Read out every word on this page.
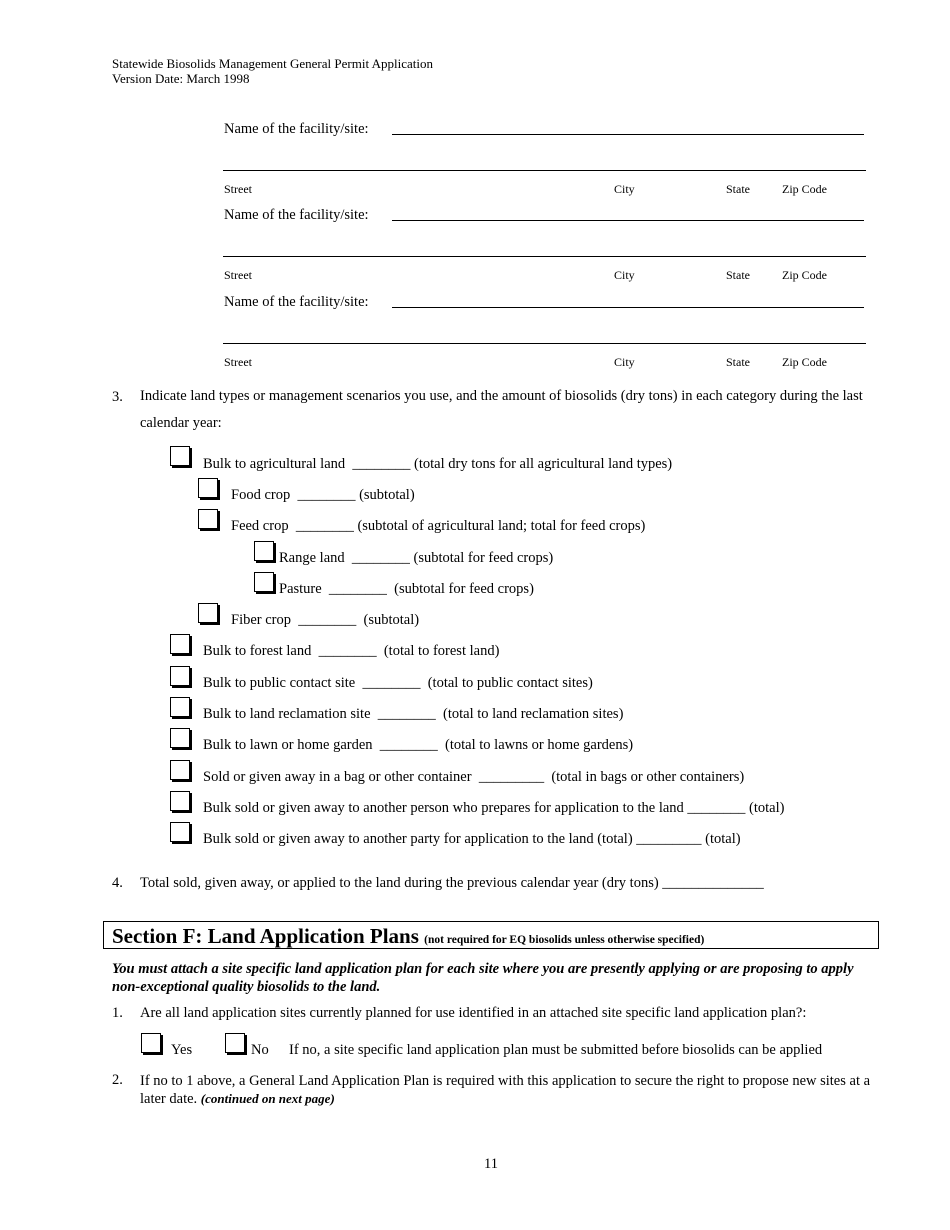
Statewide Biosolids Management General Permit Application
Version Date: March 1998
Name of the facility/site:
Street	City	State	Zip Code
Name of the facility/site:
Street	City	State	Zip Code
Name of the facility/site:
Street	City	State	Zip Code
3. Indicate land types or management scenarios you use, and the amount of biosolids (dry tons) in each category during the last calendar year:
Bulk to agricultural land  ________ (total dry tons for all agricultural land types)
Food crop  ________ (subtotal)
Feed crop  ________ (subtotal of agricultural land; total for feed crops)
Range land  ________ (subtotal for feed crops)
Pasture  ________  (subtotal for feed crops)
Fiber crop  ________  (subtotal)
Bulk to forest land  ________  (total to forest land)
Bulk to public contact site  ________  (total to public contact sites)
Bulk to land reclamation site  ________  (total to land reclamation sites)
Bulk to lawn or home garden  ________  (total to lawns or home gardens)
Sold or given away in a bag or other container  _________  (total in bags or other containers)
Bulk sold or given away to another person who prepares for application to the land ________ (total)
Bulk sold or given away to another party for application to the land (total) _________ (total)
4. Total sold, given away, or applied to the land during the previous calendar year (dry tons) ______________
Section F: Land Application Plans (not required for EQ biosolids unless otherwise specified)
You must attach a site specific land application plan for each site where you are presently applying or are proposing to apply non-exceptional quality biosolids to the land.
1. Are all land application sites currently planned for use identified in an attached site specific land application plan?:
Yes	No If no, a site specific land application plan must be submitted before biosolids can be applied
2. If no to 1 above, a General Land Application Plan is required with this application to secure the right to propose new sites at a later date. (continued on next page)
11
